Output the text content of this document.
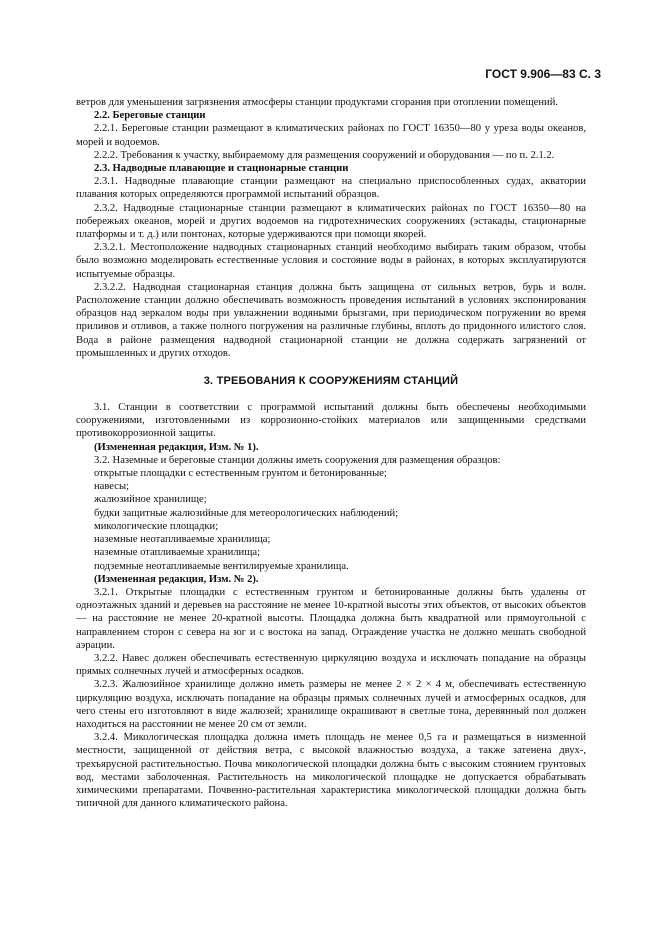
ГОСТ 9.906—83 С. 3

ветров для уменьшения загрязнения атмосферы станции продуктами сгорания при отоплении помещений.

2.2. Береговые станции

2.2.1. Береговые станции размещают в климатических районах по ГОСТ 16350—80 у уреза воды океанов, морей и водоемов.

2.2.2. Требования к участку, выбираемому для размещения сооружений и оборудования — по п. 2.1.2.

2.3. Надводные плавающие и стационарные станции

2.3.1. Надводные плавающие станции размещают на специально приспособленных судах, акватории плавания которых определяются программой испытаний образцов.

2.3.2. Надводные стационарные станции размещают в климатических районах по ГОСТ 16350—80 на побережьях океанов, морей и других водоемов на гидротехнических сооружениях (эстакады, стационарные платформы и т. д.) или понтонах, которые удерживаются при помощи якорей.

2.3.2.1. Местоположение надводных стационарных станций необходимо выбирать таким образом, чтобы было возможно моделировать естественные условия и состояние воды в районах, в которых эксплуатируются испытуемые образцы.

2.3.2.2. Надводная стационарная станция должна быть защищена от сильных ветров, бурь и волн. Расположение станции должно обеспечивать возможность проведения испытаний в условиях экспонирования образцов над зеркалом воды при увлажнении водяными брызгами, при периодическом погружении во время приливов и отливов, а также полного погружения на различные глубины, вплоть до придонного илистого слоя. Вода в районе размещения надводной стационарной станции не должна содержать загрязнений от промышленных и других отходов.

3. ТРЕБОВАНИЯ К СООРУЖЕНИЯМ СТАНЦИЙ

3.1. Станции в соответствии с программой испытаний должны быть обеспечены необходимыми сооружениями, изготовленными из коррозионно-стойких материалов или защищенными средствами противокоррозионной защиты.

(Измененная редакция, Изм. № 1).

3.2. Наземные и береговые станции должны иметь сооружения для размещения образцов:

открытые площадки с естественным грунтом и бетонированные;

навесы;

жалюзийное хранилище;

будки защитные жалюзийные для метеорологических наблюдений;

микологические площадки;

наземные неотапливаемые хранилища;

наземные отапливаемые хранилища;

подземные неотапливаемые вентилируемые хранилища.

(Измененная редакция, Изм. № 2).

3.2.1. Открытые площадки с естественным грунтом и бетонированные должны быть удалены от одноэтажных зданий и деревьев на расстояние не менее 10-кратной высоты этих объектов, от высоких объектов — на расстояние не менее 20-кратной высоты. Площадка должна быть квадратной или прямоугольной с направлением сторон с севера на юг и с востока на запад. Ограждение участка не должно мешать свободной аэрации.

3.2.2. Навес должен обеспечивать естественную циркуляцию воздуха и исключать попадание на образцы прямых солнечных лучей и атмосферных осадков.

3.2.3. Жалюзийное хранилище должно иметь размеры не менее 2 × 2 × 4 м, обеспечивать естественную циркуляцию воздуха, исключать попадание на образцы прямых солнечных лучей и атмосферных осадков, для чего стены его изготовляют в виде жалюзей; хранилище окрашивают в светлые тона, деревянный пол должен находиться на расстоянии не менее 20 см от земли.

3.2.4. Микологическая площадка должна иметь площадь не менее 0,5 га и размещаться в низменной местности, защищенной от действия ветра, с высокой влажностью воздуха, а также затенена двух-, трехъярусной растительностью. Почва микологической площадки должна быть с высоким стоянием грунтовых вод, местами заболоченная. Растительность на микологической площадке не допускается обрабатывать химическими препаратами. Почвенно-растительная характеристика микологической площадки должна быть типичной для данного климатического района.
